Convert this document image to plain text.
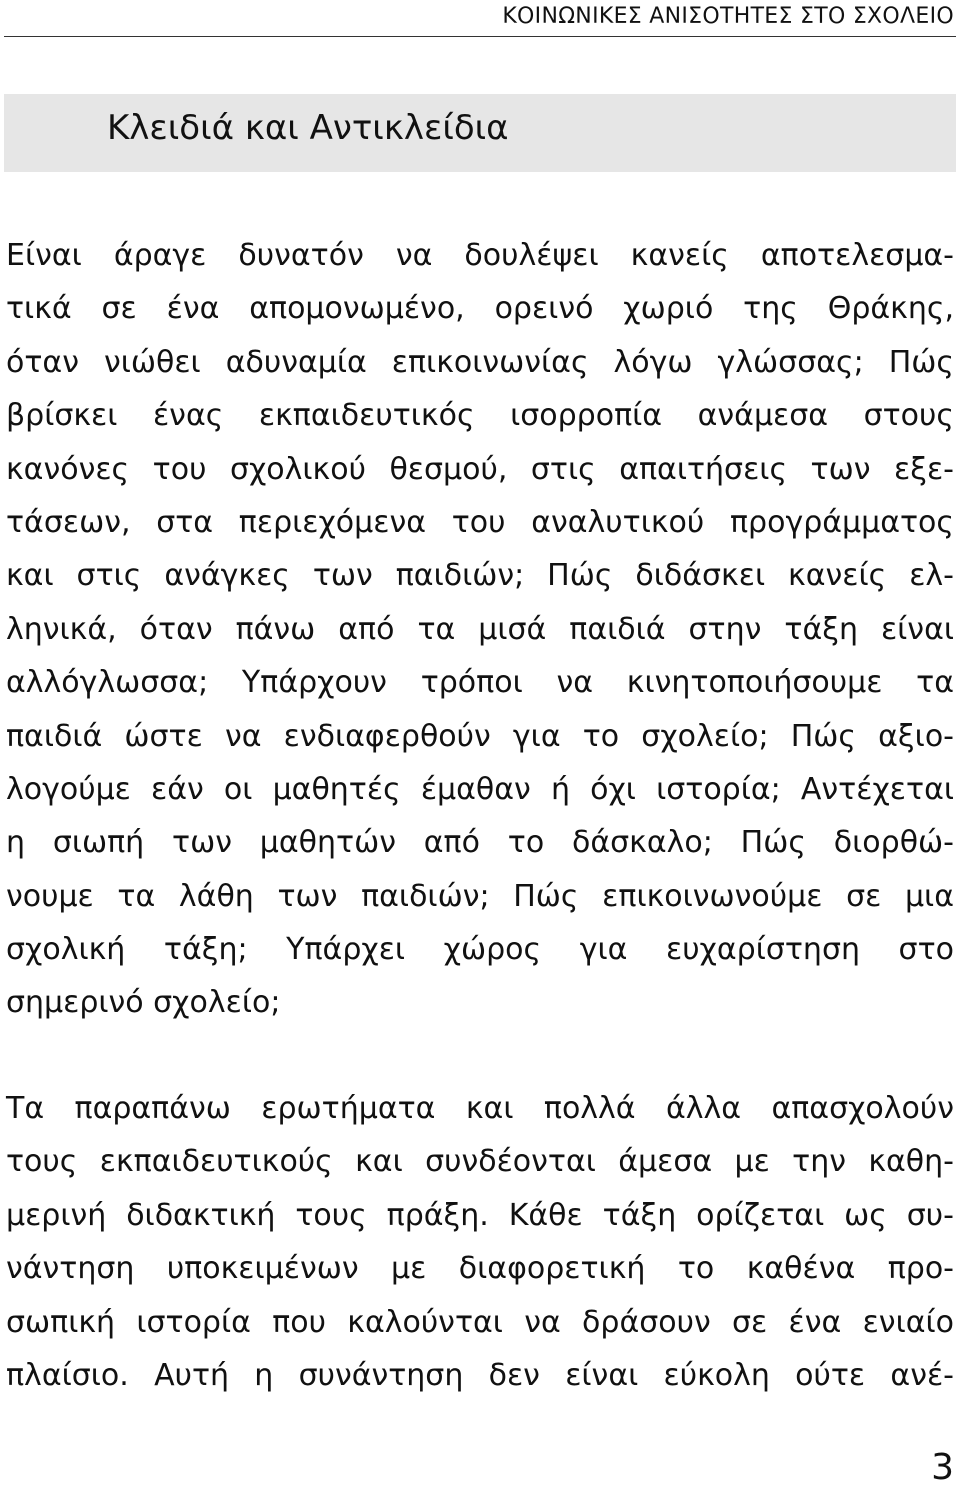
ΚΟΙΝΩΝΙΚΕΣ ΑΝΙΣΟΤΗΤΕΣ ΣΤΟ ΣΧΟΛΕΙΟ
Κλειδιά και Αντικλείδια

Είναι άραγε δυνατόν να δουλέψει κανείς αποτελεσμα-
τικά σε ένα απομονωμένο, ορεινό χωριό της Θράκης,
όταν νιώθει αδυναμία επικοινωνίας λόγω γλώσσας; Πώς
βρίσκει ένας εκπαιδευτικός ισορροπία ανάμεσα στους
κανόνες του σχολικού θεσμού, στις απαιτήσεις των εξε-
τάσεων, στα περιεχόμενα του αναλυτικού προγράμματος
και στις ανάγκες των παιδιών; Πώς διδάσκει κανείς ελ-
ληνικά, όταν πάνω από τα μισά παιδιά στην τάξη είναι
αλλόγλωσσα; Υπάρχουν τρόποι να κινητοποιήσουμε τα
παιδιά ώστε να ενδιαφερθούν για το σχολείο; Πώς αξιο-
λογούμε εάν οι μαθητές έμαθαν ή όχι ιστορία; Αντέχεται
η σιωπή των μαθητών από το δάσκαλο; Πώς διορθώ-
νουμε τα λάθη των παιδιών; Πώς επικοινωνούμε σε μια
σχολική τάξη; Υπάρχει χώρος για ευχαρίστηση στο
σημερινό σχολείο;

Τα παραπάνω ερωτήματα και πολλά άλλα απασχολούν
τους εκπαιδευτικούς και συνδέονται άμεσα με την καθη-
μερινή διδακτική τους πράξη. Κάθε τάξη ορίζεται ως συ-
νάντηση υποκειμένων με διαφορετική το καθένα προ-
σωπική ιστορία που καλούνται να δράσουν σε ένα ενιαίο
πλαίσιο. Αυτή η συνάντηση δεν είναι εύκολη ούτε ανέ-

3
